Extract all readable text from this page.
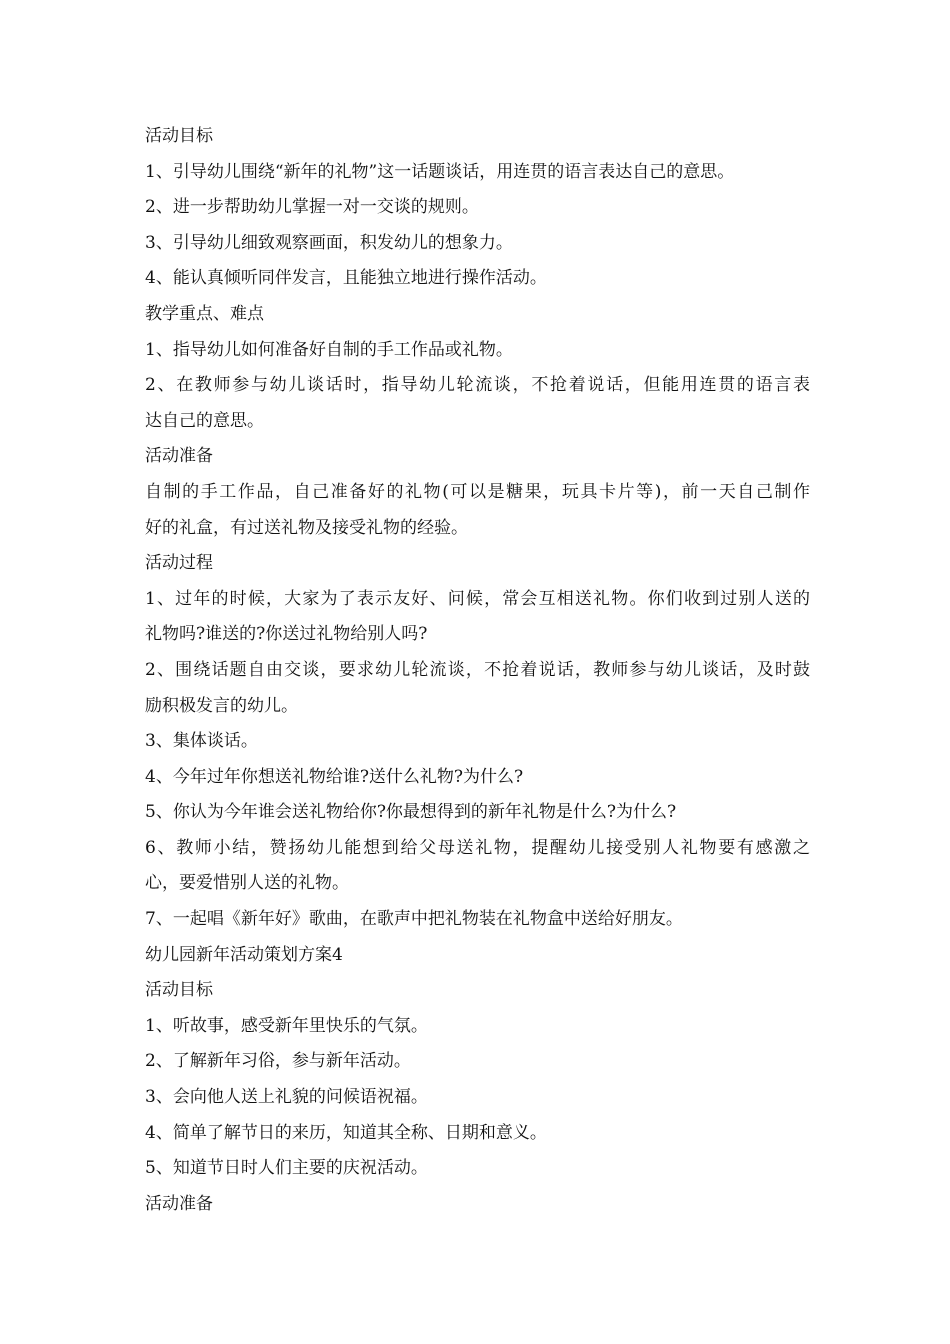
活动目标
1、引导幼儿围绕“新年的礼物”这一话题谈话，用连贯的语言表达自己的意思。
2、进一步帮助幼儿掌握一对一交谈的规则。
3、引导幼儿细致观察画面，积发幼儿的想象力。
4、能认真倾听同伴发言，且能独立地进行操作活动。
教学重点、难点
1、指导幼儿如何准备好自制的手工作品或礼物。
2、在教师参与幼儿谈话时，指导幼儿轮流谈，不抢着说话，但能用连贯的语言表
达自己的意思。
活动准备
自制的手工作品，自己准备好的礼物(可以是糖果，玩具卡片等)，前一天自己制作
好的礼盒，有过送礼物及接受礼物的经验。
活动过程
1、过年的时候，大家为了表示友好、问候，常会互相送礼物。你们收到过别人送的
礼物吗?谁送的?你送过礼物给别人吗?
2、围绕话题自由交谈，要求幼儿轮流谈，不抢着说话，教师参与幼儿谈话，及时鼓
励积极发言的幼儿。
3、集体谈话。
4、今年过年你想送礼物给谁?送什么礼物?为什么?
5、你认为今年谁会送礼物给你?你最想得到的新年礼物是什么?为什么?
6、教师小结，赞扬幼儿能想到给父母送礼物，提醒幼儿接受别人礼物要有感激之
心，要爱惜别人送的礼物。
7、一起唱《新年好》歌曲，在歌声中把礼物装在礼物盒中送给好朋友。
幼儿园新年活动策划方案4
活动目标
1、听故事，感受新年里快乐的气氛。
2、了解新年习俗，参与新年活动。
3、会向他人送上礼貌的问候语祝福。
4、简单了解节日的来历，知道其全称、日期和意义。
5、知道节日时人们主要的庆祝活动。
活动准备
